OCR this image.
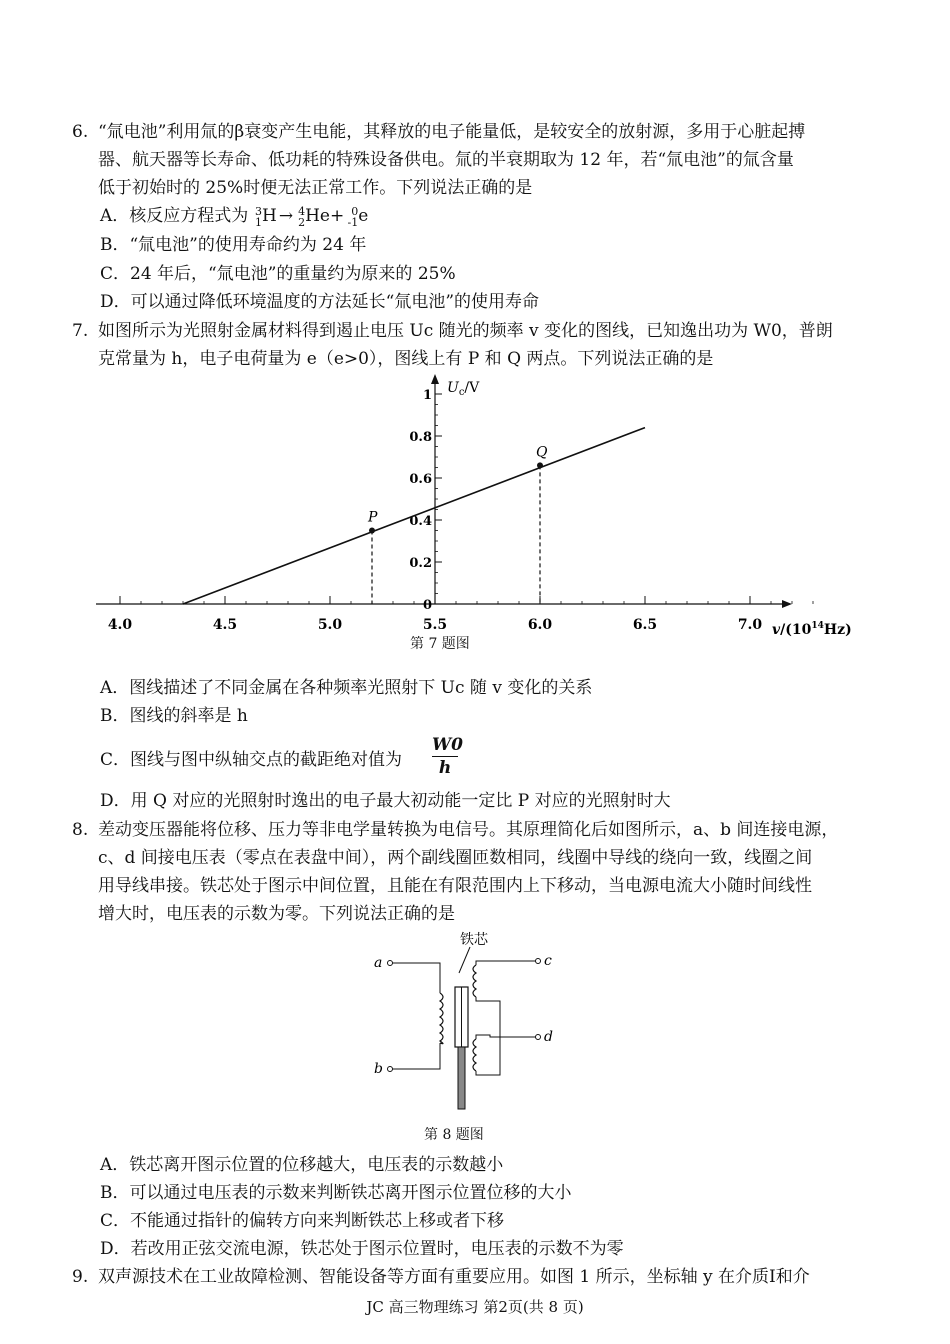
6. “氚电池”利用氚的β衰变产生电能，其释放的电子能量低，是较安全的放射源，多用于心脏起搏
器、航天器等长寿命、低功耗的特殊设备供电。氚的半衰期取为 12 年，若“氚电池”的氚含量
低于初始时的 25%时便无法正常工作。下列说法正确的是
A．核反应方程式为 3
1 H → 4
2 He+ 0
-1 e
B．“氚电池”的使用寿命约为 24 年
C．24 年后，“氚电池”的重量约为原来的 25%
D．可以通过降低环境温度的方法延长“氚电池”的使用寿命
7. 如图所示为光照射金属材料得到遏止电压 Uc 随光的频率 v 变化的图线，已知逸出功为 W0，普朗
克常量为 h，电子电荷量为 e（e>0），图线上有 P 和 Q 两点。下列说法正确的是
4.0	4.5	5.0	5.5	6.0	6.5	7.0
0
0.2
0.4
0.6
0.8
1 $U_c/V$
$v/(10^{14}Hz)$
P
Q
第 7 题图
A．图线描述了不同金属在各种频率光照射下 Uc 随 v 变化的关系
B．图线的斜率是 h
C．图线与图中纵轴交点的截距绝对值为 $\frac{W0}{h}$
D．用 Q 对应的光照射时逸出的电子最大初动能一定比 P 对应的光照射时大
8. 差动变压器能将位移、压力等非电学量转换为电信号。其原理简化后如图所示，a、b 间连接电源，
c、d 间接电压表（零点在表盘中间），两个副线圈匝数相同，线圈中导线的绕向一致，线圈之间
用导线串接。铁芯处于图示中间位置，且能在有限范围内上下移动，当电源电流大小随时间线性
增大时，电压表的示数为零。下列说法正确的是
铁芯
a
b
c
d
第 8 题图
A．铁芯离开图示位置的位移越大，电压表的示数越小
B．可以通过电压表的示数来判断铁芯离开图示位置位移的大小
C．不能通过指针的偏转方向来判断铁芯上移或者下移
D．若改用正弦交流电源，铁芯处于图示位置时，电压表的示数不为零
9. 双声源技术在工业故障检测、智能设备等方面有重要应用。如图 1 所示，坐标轴 y 在介质Ⅰ和介
JC 高三物理练习 第2页(共 8 页)
